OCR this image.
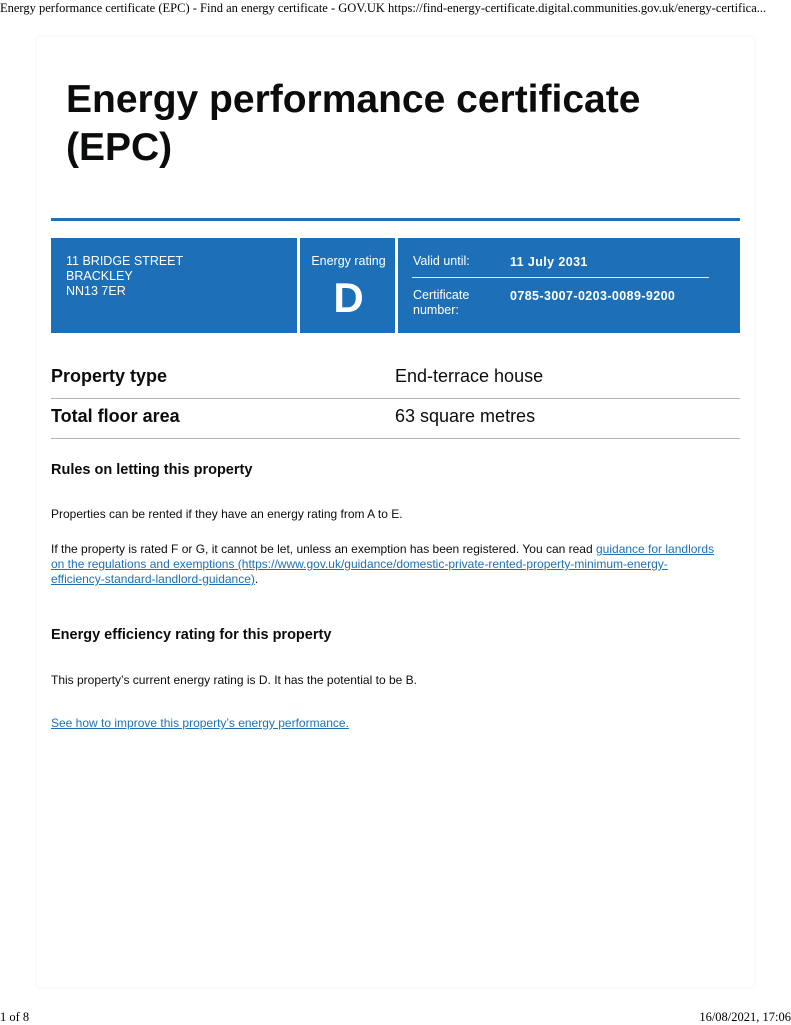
Energy performance certificate (EPC) - Find an energy certificate - GOV.UK https://find-energy-certificate.digital.communities.gov.uk/energy-certifica...
Energy performance certificate (EPC)
11 BRIDGE STREET
BRACKLEY
NN13 7ER
Energy rating
D
Valid until:	11 July 2031
Certificate
number:
0785-3007-0203-0089-9200
Property type	End-terrace house
Total floor area	63 square metres
Rules on letting this property

Properties can be rented if they have an energy rating from A to E.

If the property is rated F or G, it cannot be let, unless an exemption has been registered. You can read guidance for landlords on the regulations and exemptions (https://www.gov.uk/guidance/domestic-private-rented-property-minimum-energy-efficiency-standard-landlord-guidance).

Energy efficiency rating for this property

This property’s current energy rating is D. It has the potential to be B.

See how to improve this property’s energy performance.

1 of 8	16/08/2021, 17:06
